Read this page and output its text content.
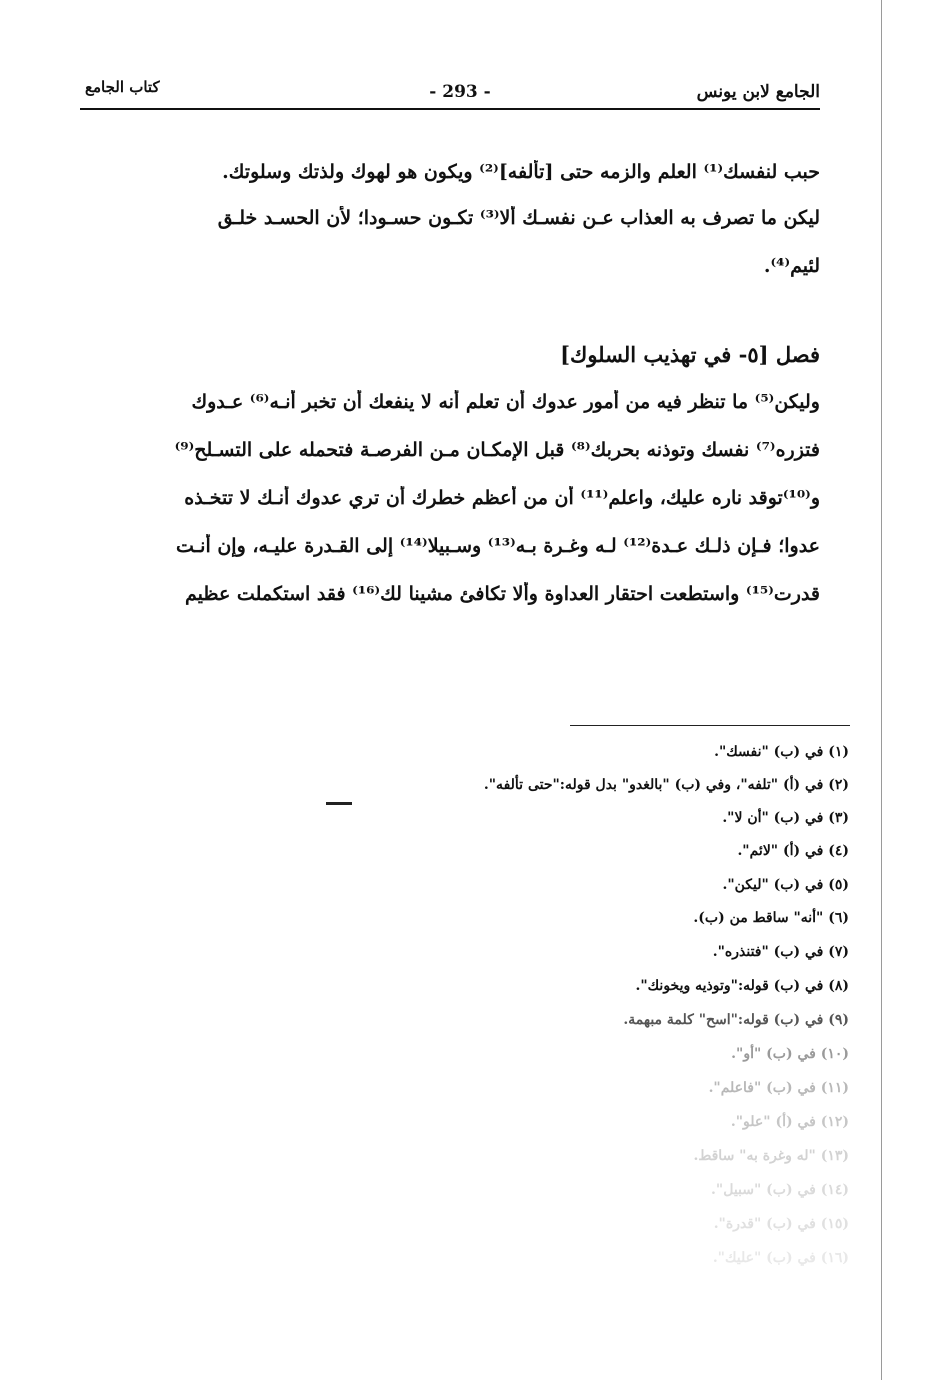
الجامع لابن يونس
- 293 -
كتاب الجامع
حبب لنفسك⁽¹⁾ العلم والزمه حتى [تألفه]⁽²⁾ ويكون هو لهوك ولذتك وسلوتك.
ليكن ما تصرف به العذاب عـن نفسـك ألا⁽³⁾ تكـون حسـودا؛ لأن الحسـد خلـق
لئيم⁽⁴⁾.
فصل [٥- في تهذيب السلوك]
وليكن⁽⁵⁾ ما تنظر فيه من أمور عدوك أن تعلم أنه لا ينفعك أن تخبر أنـه⁽⁶⁾ عـدوك
فتزره⁽⁷⁾ نفسك وتوذنه بحربك⁽⁸⁾ قبل الإمكـان مـن الفرصـة فتحمله على التسـلح⁽⁹⁾
و⁽¹⁰⁾توقد ناره عليك، واعلم⁽¹¹⁾ أن من أعظم خطرك أن تري عدوك أنـك لا تتخـذه
عدوا؛ فـإن ذلـك عـدة⁽¹²⁾ لـه وغـرة بـه⁽¹³⁾ وسـبيلا⁽¹⁴⁾ إلى القـدرة عليـه، وإن أنـت
قدرت⁽¹⁵⁾ واستطعت احتقار العداوة وألا تكافئ مشينا لك⁽¹⁶⁾ فقد استكملت عظيم
(١) في (ب) "نفسك".
(٢) في (أ) "تلفه"، وفي (ب) "بالغدو" بدل قوله:"حتى تألفه".
(٣) في (ب) "أن لا".
(٤) في (أ) "لائم".
(٥) في (ب) "ليكن".
(٦) "أنه" ساقط من (ب).
(٧) في (ب) "فتنذره".
(٨) في (ب) قوله:"وتوذيه ويخونك".
(٩) في (ب) قوله:"اسح" كلمة مبهمة.
(١٠) في (ب) "أو".
(١١) في (ب) "فاعلم".
(١٢) في (أ) "علو".
(١٣) "له وغرة به" ساقط.
(١٤) في (ب) "سبيل".
(١٥) في (ب) "قدرة".
(١٦) في (ب) "عليك".
